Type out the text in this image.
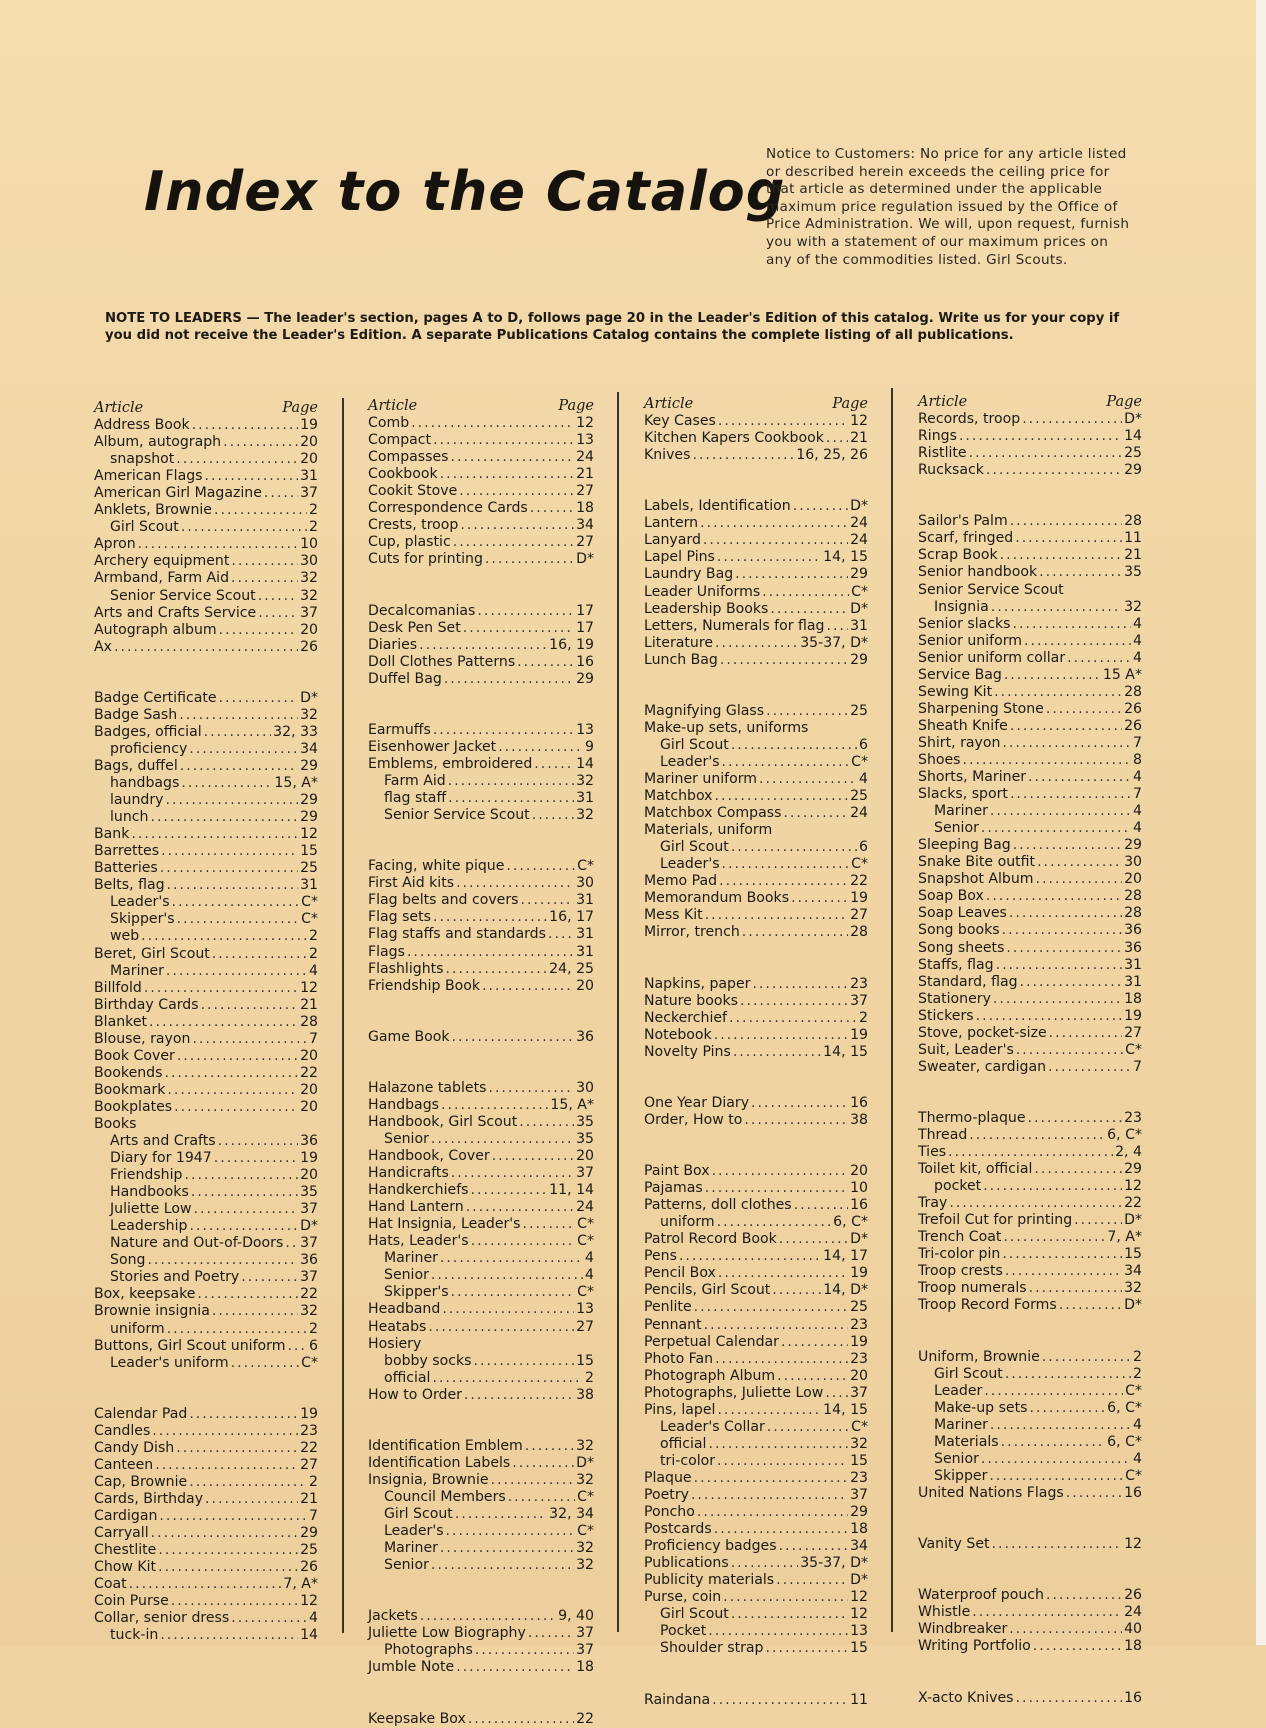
Index to the Catalog
Notice to Customers: No price for any article listed or described herein exceeds the ceiling price for that article as determined under the applicable maximum price regulation issued by the Office of Price Administration. We will, upon request, furnish you with a statement of our maximum prices on any of the commodities listed. Girl Scouts.
NOTE TO LEADERS — The leader's section, pages A to D, follows page 20 in the Leader's Edition of this catalog. Write us for your copy if you did not receive the Leader's Edition. A separate Publications Catalog contains the complete listing of all publications.
Article	Page
Address Book .....	19
Album, autograph .....	20
snapshot .....	20
American Flags .....	31
American Girl Magazine .....	37
Anklets, Brownie .....	2
Girl Scout .....	2
Apron .....	10
Archery equipment .....	30
Armband, Farm Aid .....	32
Senior Service Scout .....	32
Arts and Crafts Service .....	37
Autograph album .....	20
Ax .....	26
Badge Certificate .....	D*
Badge Sash .....	32
Badges, official .....	32, 33
proficiency .....	34
Bags, duffel .....	29
handbags .....	15, A*
laundry .....	29
lunch .....	29
Bank .....	12
Barrettes .....	15
Batteries .....	25
Belts, flag .....	31
Leader's .....	C*
Skipper's .....	C*
web .....	2
Beret, Girl Scout .....	2
Mariner .....	4
Billfold .....	12
Birthday Cards .....	21
Blanket .....	28
Blouse, rayon .....	7
Book Cover .....	20
Bookends .....	22
Bookmark .....	20
Bookplates .....	20
Books
Arts and Crafts .....	36
Diary for 1947 .....	19
Friendship .....	20
Handbooks .....	35
Juliette Low .....	37
Leadership .....	D*
Nature and Out-of-Doors ..... 37
Song .....	36
Stories and Poetry .....	37
Box, keepsake .....	22
Brownie insignia .....	32
uniform .....	2
Buttons, Girl Scout uniform ..... 6
Leader's uniform .....	C*
Calendar Pad .....	19
Candles .....	23
Candy Dish .....	22
Canteen .....	27
Cap, Brownie .....	2
Cards, Birthday .....	21
Cardigan .....	7
Carryall .....	29
Chestlite .....	25
Chow Kit .....	26
Coat .....	7, A*
Coin Purse .....	12
Collar, senior dress .....	4
tuck-in .....	14
Article	Page
Comb .....	12
Compact .....	13
Compasses .....	24
Cookbook .....	21
Cookit Stove .....	27
Correspondence Cards .....	18
Crests, troop .....	34
Cup, plastic .....	27
Cuts for printing .....	D*
Decalcomanias .....	17
Desk Pen Set .....	17
Diaries .....	16, 19
Doll Clothes Patterns .....	16
Duffel Bag .....	29
Earmuffs .....	13
Eisenhower Jacket .....	9
Emblems, embroidered .....	14
Farm Aid .....	32
flag staff .....	31
Senior Service Scout .....	32
Facing, white pique .....	C*
First Aid kits .....	30
Flag belts and covers .....	31
Flag sets .....	16, 17
Flag staffs and standards ..... 31
Flags .....	31
Flashlights .....	24, 25
Friendship Book .....	20
Game Book .....	36
Halazone tablets .....	30
Handbags .....	15, A*
Handbook, Girl Scout .....	35
Senior .....	35
Handbook, Cover .....	20
Handicrafts .....	37
Handkerchiefs .....	11, 14
Hand Lantern .....	24
Hat Insignia, Leader's .....	C*
Hats, Leader's .....	C*
Mariner .....	4
Senior .....	4
Skipper's .....	C*
Headband .....	13
Heatabs .....	27
Hosiery
bobby socks .....	15
official .....	2
How to Order .....	38
Identification Emblem .....	32
Identification Labels .....	D*
Insignia, Brownie .....	32
Council Members .....	C*
Girl Scout .....	32, 34
Leader's .....	C*
Mariner .....	32
Senior .....	32
Jackets .....	9, 40
Juliette Low Biography .....	37
Photographs .....	37
Jumble Note .....	18
Keepsake Box .....	22
Article	Page
Key Cases .....	12
Kitchen Kapers Cookbook ..... 21
Knives .....	16, 25, 26
Labels, Identification .....	D*
Lantern .....	24
Lanyard .....	24
Lapel Pins .....	14, 15
Laundry Bag .....	29
Leader Uniforms .....	C*
Leadership Books .....	D*
Letters, Numerals for flag ..... 31
Literature .....	35-37, D*
Lunch Bag .....	29
Magnifying Glass .....	25
Make-up sets, uniforms
Girl Scout .....	6
Leader's .....	C*
Mariner uniform .....	4
Matchbox .....	25
Matchbox Compass .....	24
Materials, uniform
Girl Scout .....	6
Leader's .....	C*
Memo Pad .....	22
Memorandum Books .....	19
Mess Kit .....	27
Mirror, trench .....	28
Napkins, paper .....	23
Nature books .....	37
Neckerchief .....	2
Notebook .....	19
Novelty Pins .....	14, 15
One Year Diary .....	16
Order, How to .....	38
Paint Box .....	20
Pajamas .....	10
Patterns, doll clothes .....	16
uniform .....	6, C*
Patrol Record Book .....	D*
Pens .....	14, 17
Pencil Box .....	19
Pencils, Girl Scout .....	14, D*
Penlite .....	25
Pennant .....	23
Perpetual Calendar .....	19
Photo Fan .....	23
Photograph Album .....	20
Photographs, Juliette Low ..... 37
Pins, lapel .....	14, 15
Leader's Collar .....	C*
official .....	32
tri-color .....	15
Plaque .....	23
Poetry .....	37
Poncho .....	29
Postcards .....	18
Proficiency badges .....	34
Publications .....	35-37, D*
Publicity materials .....	D*
Purse, coin .....	12
Girl Scout .....	12
Pocket .....	13
Shoulder strap .....	15
Raindana .....	11
Article	Page
Records, troop .....	D*
Rings .....	14
Ristlite .....	25
Rucksack .....	29
Sailor's Palm .....	28
Scarf, fringed .....	11
Scrap Book .....	21
Senior handbook .....	35
Senior Service Scout
Insignia .....	32
Senior slacks .....	4
Senior uniform .....	4
Senior uniform collar .....	4
Service Bag .....	15 A*
Sewing Kit .....	28
Sharpening Stone .....	26
Sheath Knife .....	26
Shirt, rayon .....	7
Shoes .....	8
Shorts, Mariner .....	4
Slacks, sport .....	7
Mariner .....	4
Senior .....	4
Sleeping Bag .....	29
Snake Bite outfit .....	30
Snapshot Album .....	20
Soap Box .....	28
Soap Leaves .....	28
Song books .....	36
Song sheets .....	36
Staffs, flag .....	31
Standard, flag .....	31
Stationery .....	18
Stickers .....	19
Stove, pocket-size .....	27
Suit, Leader's .....	C*
Sweater, cardigan .....	7
Thermo-plaque .....	23
Thread .....	6, C*
Ties .....	2, 4
Toilet kit, official .....	29
pocket .....	12
Tray .....	22
Trefoil Cut for printing .....	D*
Trench Coat .....	7, A*
Tri-color pin .....	15
Troop crests .....	34
Troop numerals .....	32
Troop Record Forms .....	D*
Uniform, Brownie .....	2
Girl Scout .....	2
Leader .....	C*
Make-up sets .....	6, C*
Mariner .....	4
Materials .....	6, C*
Senior .....	4
Skipper .....	C*
United Nations Flags .....	16
Vanity Set .....	12
Waterproof pouch .....	26
Whistle .....	24
Windbreaker .....	40
Writing Portfolio .....	18
X-acto Knives .....	16
